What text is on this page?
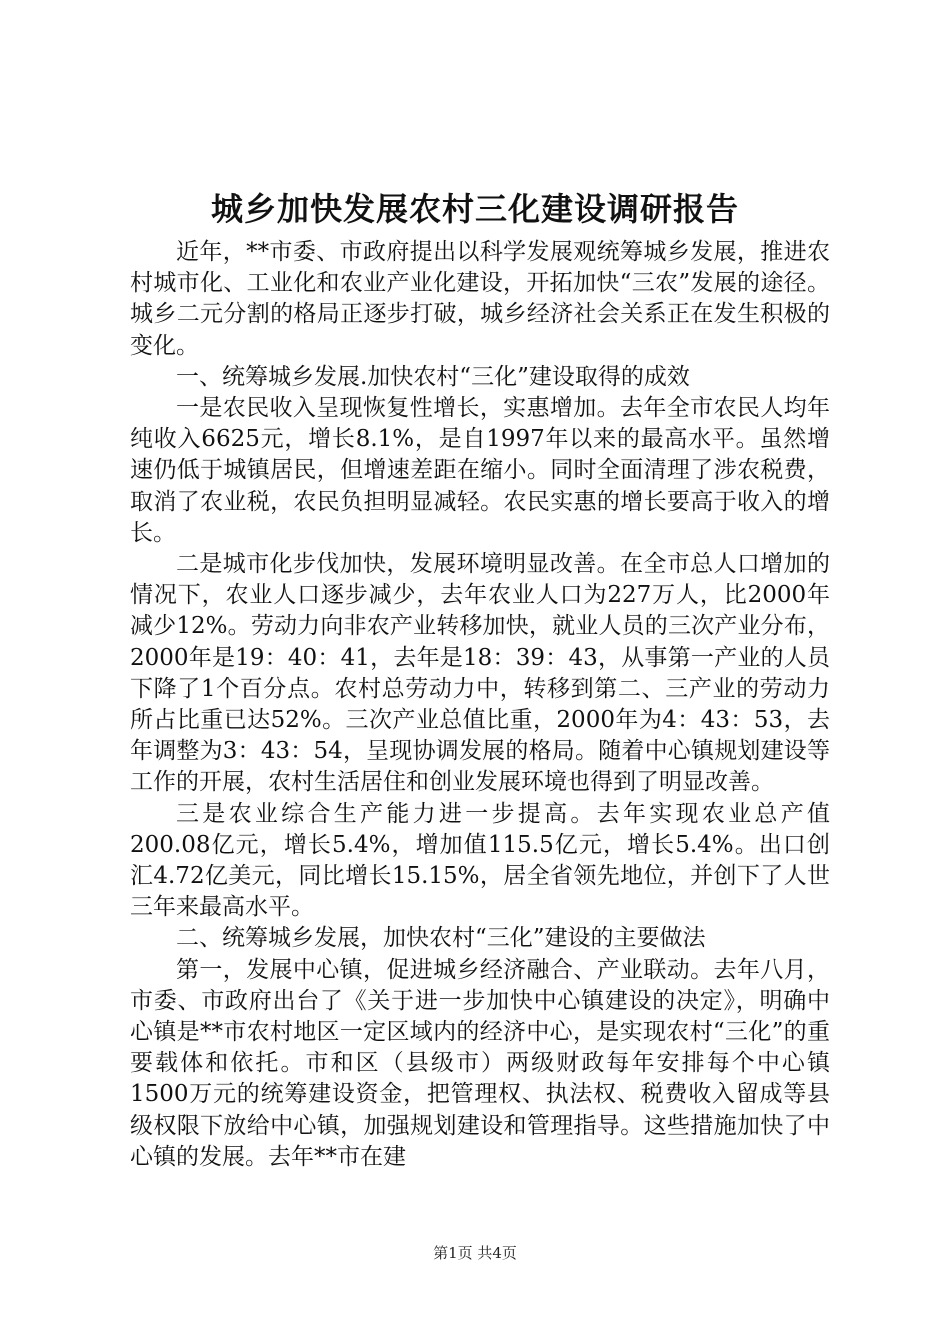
城乡加快发展农村三化建设调研报告

近年，**市委、市政府提出以科学发展观统筹城乡发展，推进农村城市化、工业化和农业产业化建设，开拓加快“三农”发展的途径。城乡二元分割的格局正逐步打破，城乡经济社会关系正在发生积极的变化。

一、统筹城乡发展.加快农村“三化”建设取得的成效

一是农民收入呈现恢复性增长，实惠增加。去年全市农民人均年纯收入6625元，增长8.1%，是自1997年以来的最高水平。虽然增速仍低于城镇居民，但增速差距在缩小。同时全面清理了涉农税费，取消了农业税，农民负担明显减轻。农民实惠的增长要高于收入的增长。

二是城市化步伐加快，发展环境明显改善。在全市总人口增加的情况下，农业人口逐步减少，去年农业人口为227万人，比2000年减少12%。劳动力向非农产业转移加快，就业人员的三次产业分布，2000年是19：40：41，去年是18：39：43，从事第一产业的人员下降了1个百分点。农村总劳动力中，转移到第二、三产业的劳动力所占比重已达52%。三次产业总值比重，2000年为4：43：53，去年调整为3：43：54，呈现协调发展的格局。随着中心镇规划建设等工作的开展，农村生活居住和创业发展环境也得到了明显改善。

三是农业综合生产能力进一步提高。去年实现农业总产值200.08亿元，增长5.4%，增加值115.5亿元，增长5.4%。出口创汇4.72亿美元，同比增长15.15%，居全省领先地位，并创下了人世三年来最高水平。

二、统筹城乡发展，加快农村“三化”建设的主要做法

第一，发展中心镇，促进城乡经济融合、产业联动。去年八月，市委、市政府出台了《关于进一步加快中心镇建设的决定》，明确中心镇是**市农村地区一定区域内的经济中心，是实现农村“三化”的重要载体和依托。市和区（县级市）两级财政每年安排每个中心镇1500万元的统筹建设资金，把管理权、执法权、税费收入留成等县级权限下放给中心镇，加强规划建设和管理指导。这些措施加快了中心镇的发展。去年**市在建

第1页 共4页
